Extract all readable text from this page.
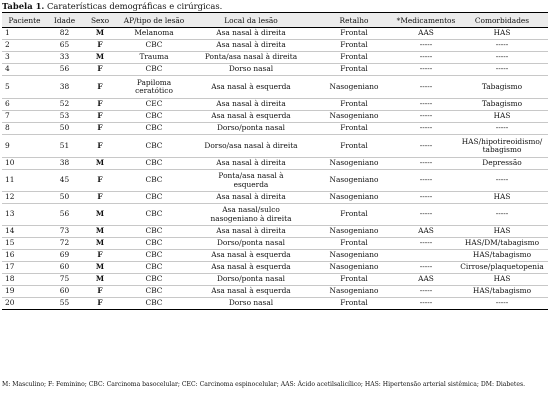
Tabela 1. Caraterísticas demográficas e cirúrgicas.
Paciente	Idade	Sexo	AP/tipo de lesão	Local da lesão	Retalho	*Medicamentos	Comorbidades
1	82	M	Melanoma	Asa nasal à direita	Frontal	AAS	HAS
2	65	F	CBC	Asa nasal à direita	Frontal	-----	-----
3	33	M	Trauma	Ponta/asa nasal à direita	Frontal	-----	-----
4	56	F	CBC	Dorso nasal	Frontal	-----	-----
5	38	F	Papiloma
ceratótico	Asa nasal à esquerda	Nasogeniano	-----	Tabagismo
6	52	F	CEC	Asa nasal à direita	Frontal	-----	Tabagismo
7	53	F	CBC	Asa nasal à esquerda	Nasogeniano	-----	HAS
8	50	F	CBC	Dorso/ponta nasal	Frontal	-----	-----
9	51	F	CBC	Dorso/asa nasal à direita	Frontal	-----	HAS/hipotireoidismo/
tabagismo
10	38	M	CBC	Asa nasal à direita	Nasogeniano	-----	Depressão
11	45	F	CBC	Ponta/asa nasal à
esquerda	Nasogeniano	-----	-----
12	50	F	CBC	Asa nasal à direita	Nasogeniano	-----	HAS
13	56	M	CBC	Asa nasal/sulco
nasogeniano à direita	Frontal	-----	-----
14	73	M	CBC	Asa nasal à direita	Nasogeniano	AAS	HAS
15	72	M	CBC	Dorso/ponta nasal	Frontal	-----	HAS/DM/tabagismo
16	69	F	CBC	Asa nasal à esquerda	Nasogeniano		HAS/tabagismo
17	60	M	CBC	Asa nasal à esquerda	Nasogeniano	-----	Cirrose/plaquetopenia
18	75	M	CBC	Dorso/ponta nasal	Frontal	AAS	HAS
19	60	F	CBC	Asa nasal à esquerda	Nasogeniano	-----	HAS/tabagismo
20	55	F	CBC	Dorso nasal	Frontal	-----	-----
M: Masculino; F: Feminino; CBC: Carcinoma basocelular; CEC: Carcinoma espinocelular; AAS: Ácido acetilsalicílico; HAS: Hipertensão arterial sistêmica; DM: Diabetes.
